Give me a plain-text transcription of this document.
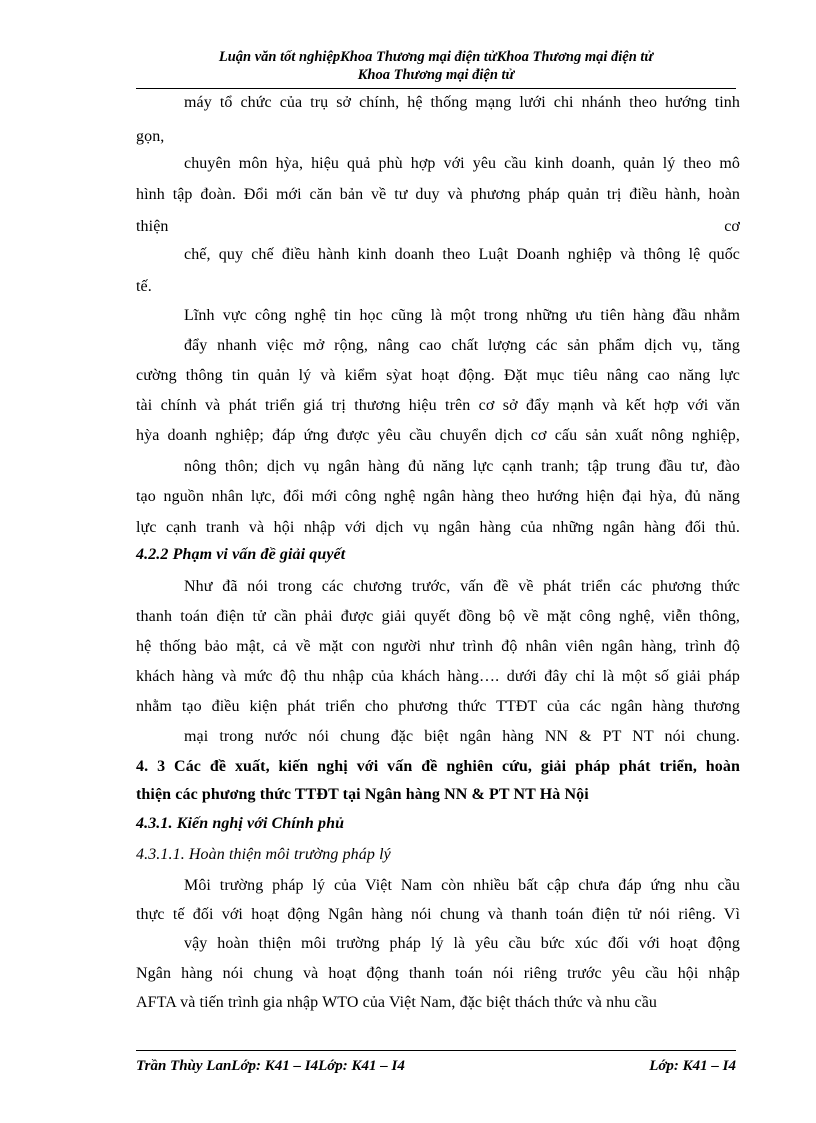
Luận văn tốt nghiệpKhoa Thương mại điện tửKhoa Thương mại điện tử
Khoa Thương mại điện tử
máy tổ chức của trụ sở chính, hệ thống mạng lưới chi nhánh theo hướng tinh
gọn,
chuyên môn hỳa, hiệu quả phù hợp với yêu cầu kinh doanh, quản lý theo mô
hình tập đoàn. Đổi mới căn bản về tư duy và phương pháp quản trị điều hành, hoàn
thiện	cơ
chế, quy chế điều hành kinh doanh theo Luật Doanh nghiệp và thông lệ quốc
tế.
Lĩnh vực công nghệ tin học cũng là một trong những ưu tiên hàng đầu nhằm
đẩy nhanh việc mở rộng, nâng cao chất lượng các sản phẩm dịch vụ, tăng
cường thông tin quản lý và kiểm sỳat hoạt động. Đặt mục tiêu nâng cao năng lực
tài chính và phát triển giá trị thương hiệu trên cơ sở đẩy mạnh và kết hợp với văn
hỳa doanh nghiệp; đáp ứng được yêu cầu chuyển dịch cơ cấu sản xuất nông nghiệp,
nông thôn; dịch vụ ngân hàng đủ năng lực cạnh tranh; tập trung đầu tư, đào
tạo nguồn nhân lực, đổi mới công nghệ ngân hàng theo hướng hiện đại hỳa, đủ năng
lực cạnh tranh và hội nhập với dịch vụ ngân hàng của những ngân hàng đối thủ.
4.2.2 Phạm vi vấn đề giải quyết
Như đã nói trong các chương trước, vấn đề về phát triển các phương thức
thanh toán điện tử cần phải được giải quyết đồng bộ về mặt công nghệ, viễn thông,
hệ thống bảo mật, cả về mặt con người như trình độ nhân viên ngân hàng, trình độ
khách hàng và mức độ thu nhập của khách hàng…. dưới đây chỉ là một số giải pháp
nhằm tạo điều kiện phát triển cho phương thức TTĐT của các ngân hàng thương
mại trong nước nói chung đặc biệt ngân hàng NN & PT NT nói chung.
4. 3 Các đề xuất, kiến nghị với vấn đề nghiên cứu, giải pháp phát triển, hoàn
thiện các phương thức TTĐT tại Ngân hàng NN & PT NT Hà Nội
4.3.1. Kiến nghị với Chính phủ
4.3.1.1. Hoàn thiện môi trường pháp lý
Môi trường pháp lý của Việt Nam còn nhiều bất cập chưa đáp ứng nhu cầu
thực tế đối với hoạt động Ngân hàng nói chung và thanh toán điện tử nói riêng. Vì
vậy hoàn thiện môi trường pháp lý là yêu cầu bức xúc đối với hoạt động
Ngân hàng nói chung và hoạt động thanh toán nói riêng trước yêu cầu hội nhập
AFTA và tiến trình gia nhập WTO của Việt Nam, đặc biệt thách thức và nhu cầu
Trần Thùy LanLớp: K41 – I4Lớp: K41 – I4	Lớp: K41 – I4
